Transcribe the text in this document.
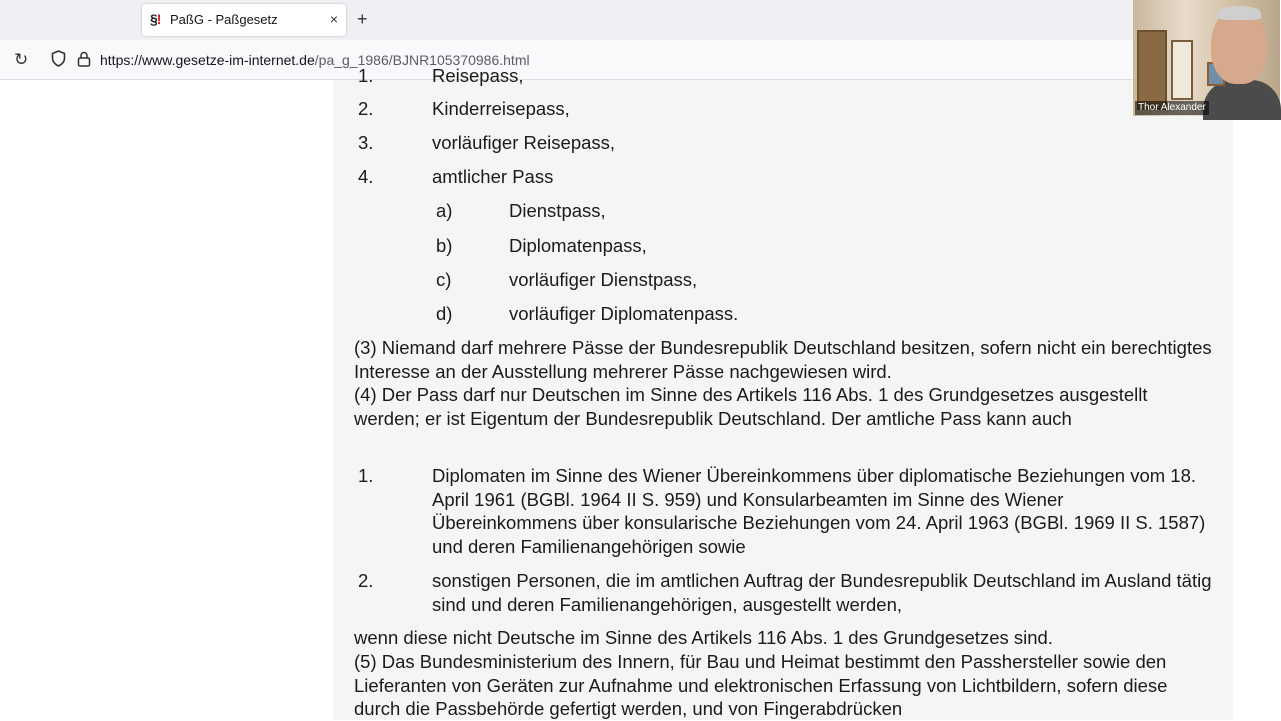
§! PaßG - Paßgesetz	× +
↻	https://www.gesetze-im-internet.de/pa_g_1986/BJNR105370986.html
1.	Reisepass,
2.	Kinderreisepass,
3.	vorläufiger Reisepass,
4.	amtlicher Pass
a)	Dienstpass,
b)	Diplomatenpass,
c)	vorläufiger Dienstpass,
d)	vorläufiger Diplomatenpass.
(3) Niemand darf mehrere Pässe der Bundesrepublik Deutschland besitzen, sofern nicht ein berechtigtes Interesse an der Ausstellung mehrerer Pässe nachgewiesen wird.
(4) Der Pass darf nur Deutschen im Sinne des Artikels 116 Abs. 1 des Grundgesetzes ausgestellt werden; er ist Eigentum der Bundesrepublik Deutschland. Der amtliche Pass kann auch
1.	Diplomaten im Sinne des Wiener Übereinkommens über diplomatische Beziehungen vom 18. April 1961 (BGBl. 1964 II S. 959) und Konsularbeamten im Sinne des Wiener Übereinkommens über konsularische Beziehungen vom 24. April 1963 (BGBl. 1969 II S. 1587) und deren Familienangehörigen sowie
2.	sonstigen Personen, die im amtlichen Auftrag der Bundesrepublik Deutschland im Ausland tätig sind und deren Familienangehörigen, ausgestellt werden,
wenn diese nicht Deutsche im Sinne des Artikels 116 Abs. 1 des Grundgesetzes sind.
(5) Das Bundesministerium des Innern, für Bau und Heimat bestimmt den Passhersteller sowie den Lieferanten von Geräten zur Aufnahme und elektronischen Erfassung von Lichtbildern, sofern diese durch die Passbehörde gefertigt werden, und von Fingerabdrücken
Thor Alexander
